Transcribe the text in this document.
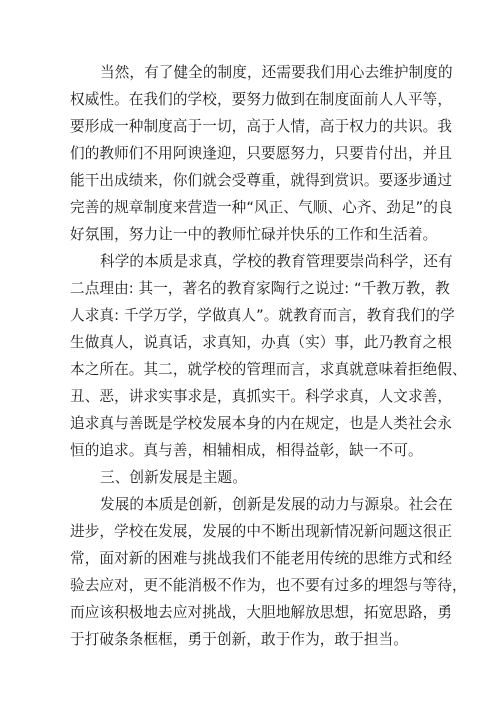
当然，有了健全的制度，还需要我们用心去维护制度的
权威性。在我们的学校，要努力做到在制度面前人人平等，
要形成一种制度高于一切，高于人情，高于权力的共识。我
们的教师们不用阿谀逢迎，只要愿努力，只要肯付出，并且
能干出成绩来，你们就会受尊重，就得到赏识。要逐步通过
完善的规章制度来营造一种“风正、气顺、心齐、劲足”的良
好氛围，努力让一中的教师忙碌并快乐的工作和生活着。
科学的本质是求真，学校的教育管理要崇尚科学，还有
二点理由: 其一，著名的教育家陶行之说过: “千教万教，教
人求真: 千学万学，学做真人”。就教育而言，教育我们的学
生做真人，说真话，求真知，办真（实）事，此乃教育之根
本之所在。其二，就学校的管理而言，求真就意味着拒绝假、
丑、恶，讲求实事求是，真抓实干。科学求真，人文求善，
追求真与善既是学校发展本身的内在规定，也是人类社会永
恒的追求。真与善，相辅相成，相得益彰，缺一不可。
三、创新发展是主题。
发展的本质是创新，创新是发展的动力与源泉。社会在
进步，学校在发展，发展的中不断出现新情况新问题这很正
常，面对新的困难与挑战我们不能老用传统的思维方式和经
验去应对，更不能消极不作为，也不要有过多的埋怨与等待，
而应该积极地去应对挑战，大胆地解放思想，拓宽思路，勇
于打破条条框框，勇于创新，敢于作为，敢于担当。
